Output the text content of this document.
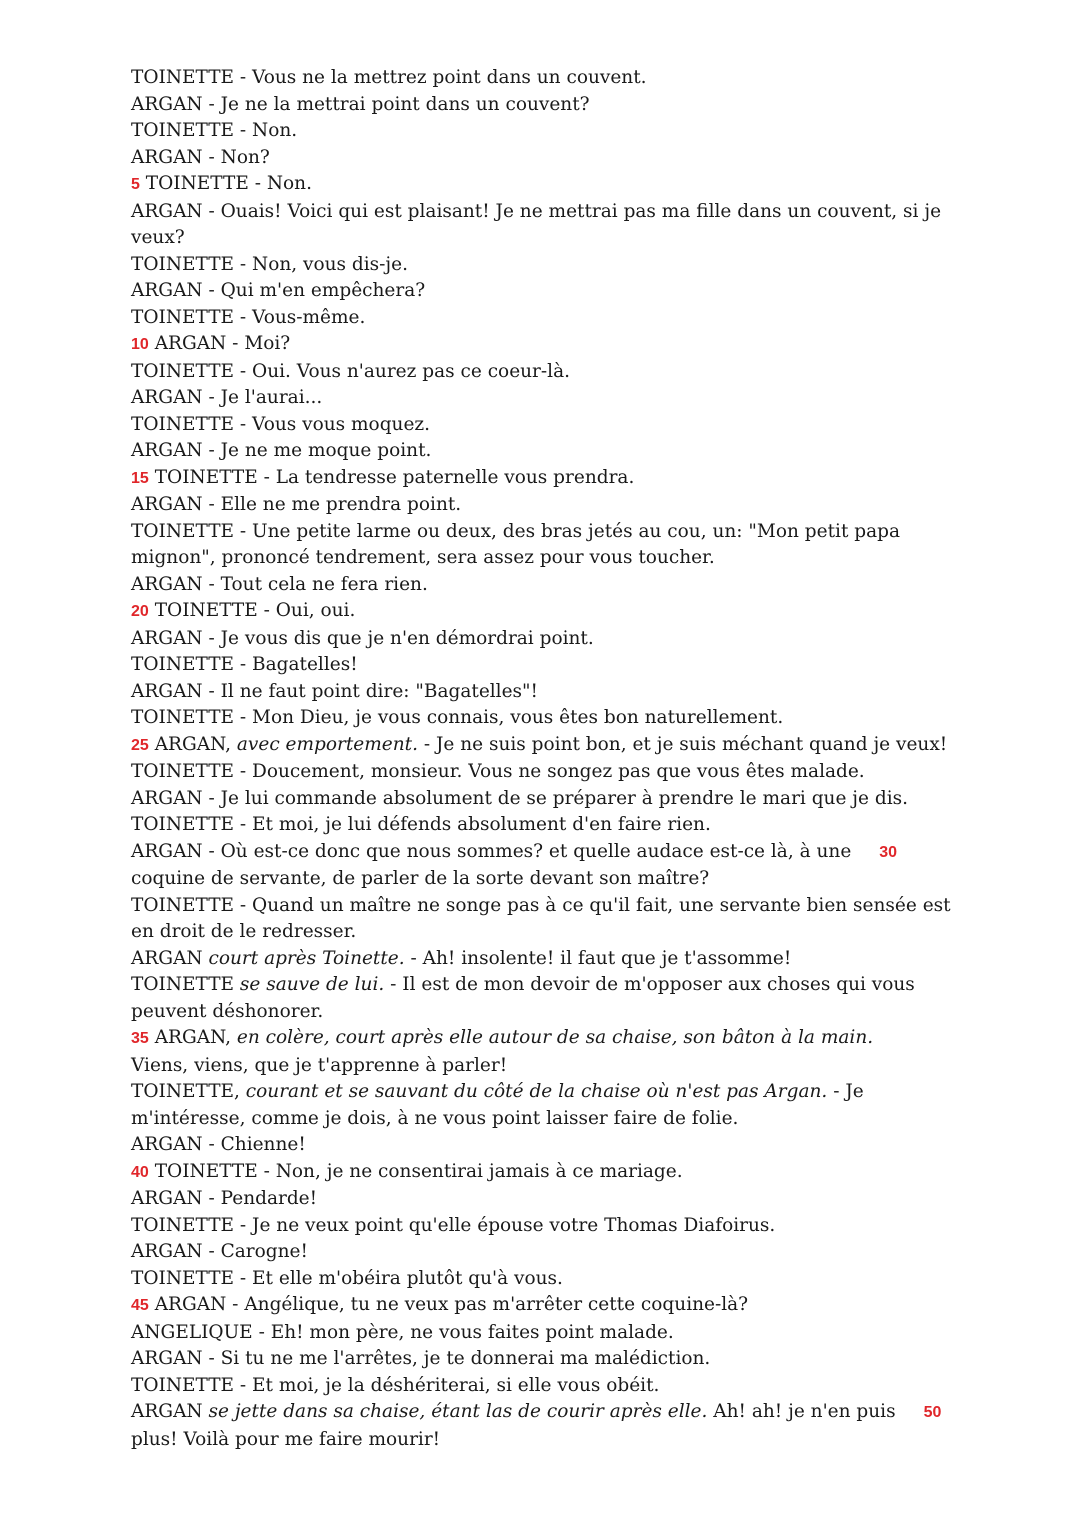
TOINETTE - Vous ne la mettrez point dans un couvent.

ARGAN - Je ne la mettrai point dans un couvent?

TOINETTE - Non.

ARGAN - Non?

5 TOINETTE - Non.

ARGAN - Ouais! Voici qui est plaisant! Je ne mettrai pas ma fille dans un couvent, si je veux?

TOINETTE - Non, vous dis-je.

ARGAN - Qui m'en empêchera?

TOINETTE - Vous-même.

10 ARGAN - Moi?

TOINETTE - Oui. Vous n'aurez pas ce coeur-là.

ARGAN - Je l'aurai...

TOINETTE - Vous vous moquez.

ARGAN - Je ne me moque point.

15 TOINETTE - La tendresse paternelle vous prendra.

ARGAN - Elle ne me prendra point.

TOINETTE - Une petite larme ou deux, des bras jetés au cou, un: "Mon petit papa mignon", prononcé tendrement, sera assez pour vous toucher.

ARGAN - Tout cela ne fera rien.

20 TOINETTE - Oui, oui.

ARGAN - Je vous dis que je n'en démordrai point.

TOINETTE - Bagatelles!

ARGAN - Il ne faut point dire: "Bagatelles"!

TOINETTE - Mon Dieu, je vous connais, vous êtes bon naturellement.

25 ARGAN, avec emportement. - Je ne suis point bon, et je suis méchant quand je veux!

TOINETTE - Doucement, monsieur. Vous ne songez pas que vous êtes malade.

ARGAN - Je lui commande absolument de se préparer à prendre le mari que je dis.

TOINETTE - Et moi, je lui défends absolument d'en faire rien.

ARGAN - Où est-ce donc que nous sommes? et quelle audace est-ce là, à une 30 coquine de servante, de parler de la sorte devant son maître?

TOINETTE - Quand un maître ne songe pas à ce qu'il fait, une servante bien sensée est en droit de le redresser.

ARGAN court après Toinette. - Ah! insolente! il faut que je t'assomme!

TOINETTE se sauve de lui. - Il est de mon devoir de m'opposer aux choses qui vous peuvent déshonorer.

35 ARGAN, en colère, court après elle autour de sa chaise, son bâton à la main.

Viens, viens, que je t'apprenne à parler!

TOINETTE, courant et se sauvant du côté de la chaise où n'est pas Argan. - Je m'intéresse, comme je dois, à ne vous point laisser faire de folie.

ARGAN - Chienne!

40 TOINETTE - Non, je ne consentirai jamais à ce mariage.

ARGAN - Pendarde!

TOINETTE - Je ne veux point qu'elle épouse votre Thomas Diafoirus.

ARGAN - Carogne!

TOINETTE - Et elle m'obéira plutôt qu'à vous.

45 ARGAN - Angélique, tu ne veux pas m'arrêter cette coquine-là?

ANGELIQUE - Eh! mon père, ne vous faites point malade.

ARGAN - Si tu ne me l'arrêtes, je te donnerai ma malédiction.

TOINETTE - Et moi, je la déshériterai, si elle vous obéit.

ARGAN se jette dans sa chaise, étant las de courir après elle. Ah! ah! je n'en puis 50 plus! Voilà pour me faire mourir!
